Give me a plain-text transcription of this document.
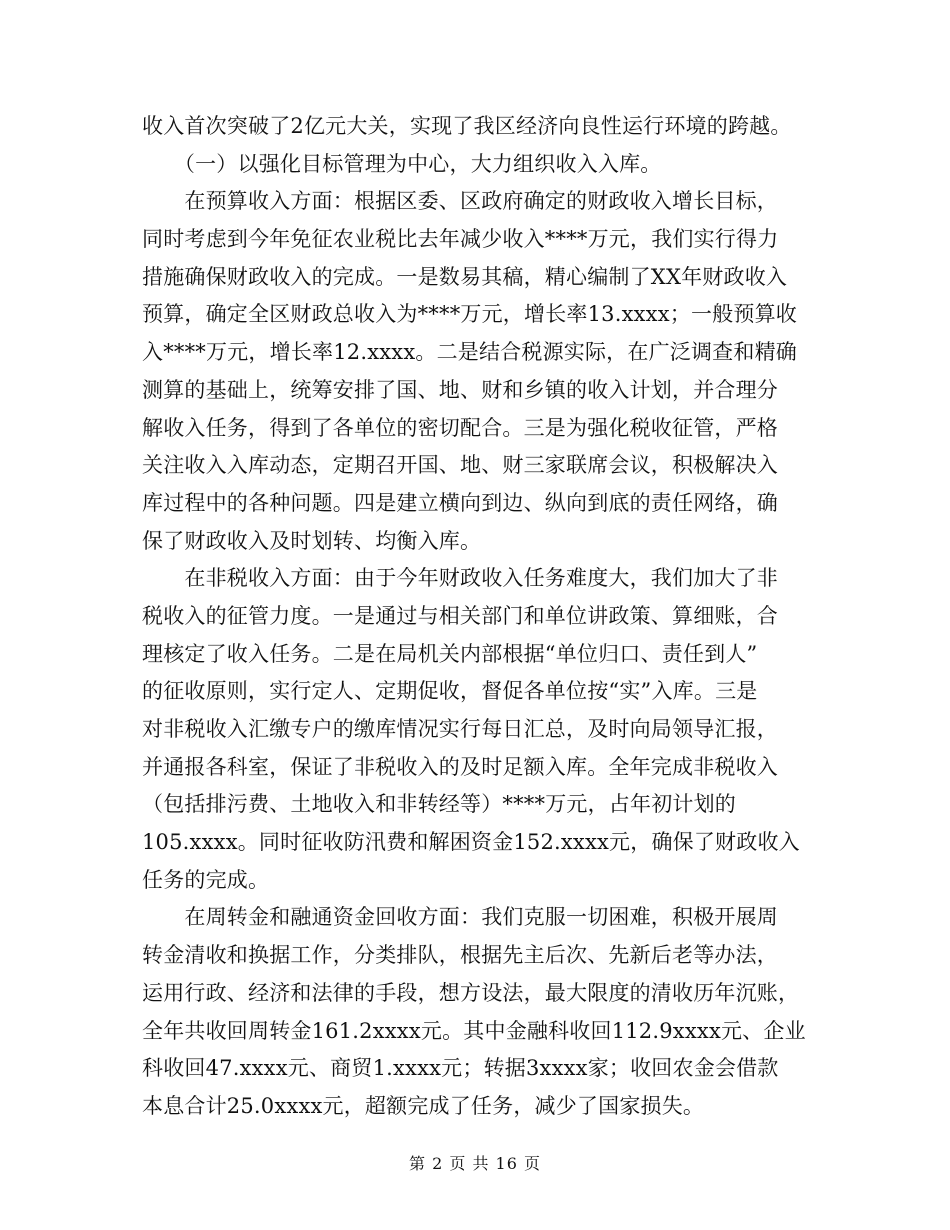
收入首次突破了2亿元大关，实现了我区经济向良性运行环境的跨越。
　　（一）以强化目标管理为中心，大力组织收入入库。
　　在预算收入方面：根据区委、区政府确定的财政收入增长目标，
同时考虑到今年免征农业税比去年减少收入****万元，我们实行得力
措施确保财政收入的完成。一是数易其稿，精心编制了XX年财政收入
预算，确定全区财政总收入为****万元，增长率13.xxxx；一般预算收
入****万元，增长率12.xxxx。二是结合税源实际，在广泛调查和精确
测算的基础上，统筹安排了国、地、财和乡镇的收入计划，并合理分
解收入任务，得到了各单位的密切配合。三是为强化税收征管，严格
关注收入入库动态，定期召开国、地、财三家联席会议，积极解决入
库过程中的各种问题。四是建立横向到边、纵向到底的责任网络，确
保了财政收入及时划转、均衡入库。
　　在非税收入方面：由于今年财政收入任务难度大，我们加大了非
税收入的征管力度。一是通过与相关部门和单位讲政策、算细账，合
理核定了收入任务。二是在局机关内部根据“单位归口、责任到人”
的征收原则，实行定人、定期促收，督促各单位按“实”入库。三是
对非税收入汇缴专户的缴库情况实行每日汇总，及时向局领导汇报，
并通报各科室，保证了非税收入的及时足额入库。全年完成非税收入
（包括排污费、土地收入和非转经等）****万元，占年初计划的
105.xxxx。同时征收防汛费和解困资金152.xxxx元，确保了财政收入
任务的完成。
　　在周转金和融通资金回收方面：我们克服一切困难，积极开展周
转金清收和换据工作，分类排队，根据先主后次、先新后老等办法，
运用行政、经济和法律的手段，想方设法，最大限度的清收历年沉账，
全年共收回周转金161.2xxxx元。其中金融科收回112.9xxxx元、企业
科收回47.xxxx元、商贸1.xxxx元；转据3xxxx家；收回农金会借款
本息合计25.0xxxx元，超额完成了任务，减少了国家损失。
第 2 页 共 16 页
